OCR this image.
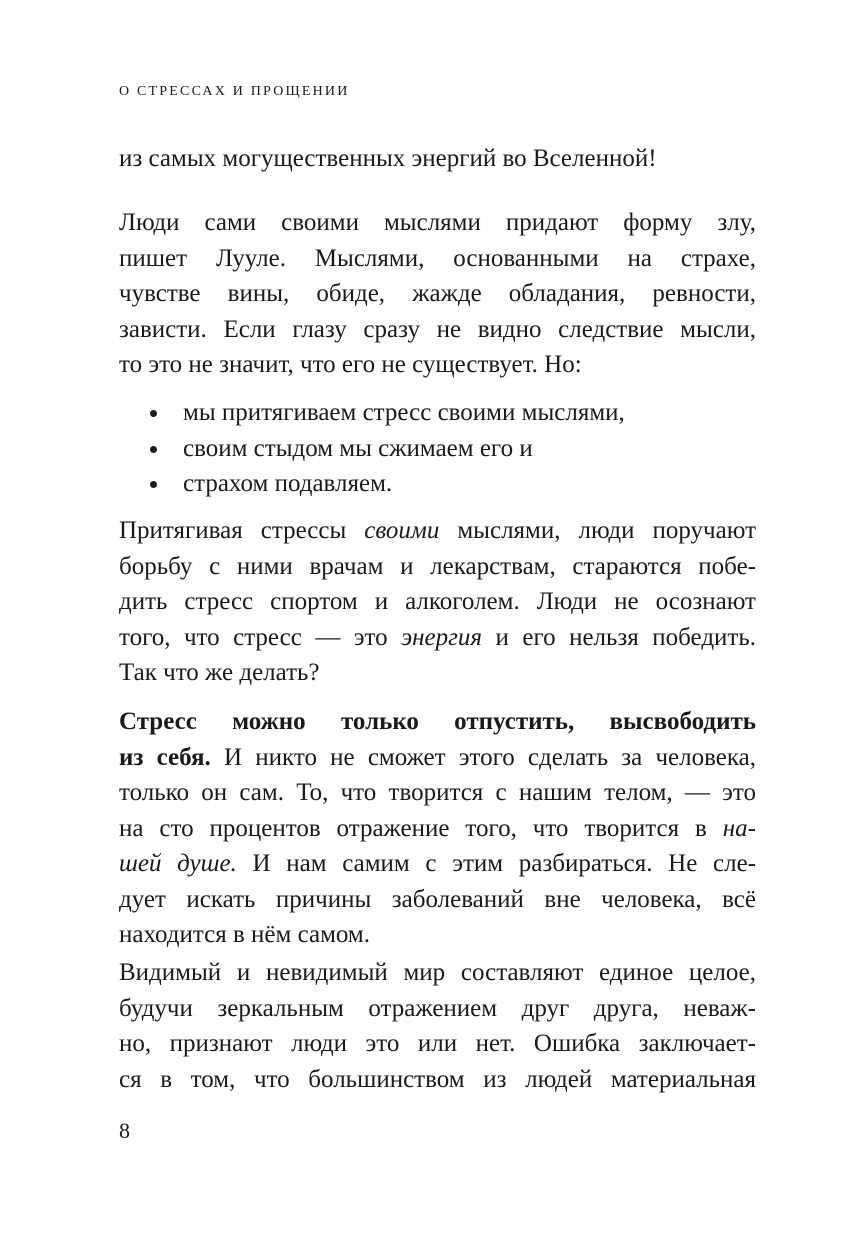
О СТРЕССАХ И ПРОЩЕНИИ
из самых могущественных энергий во Вселенной!
Люди сами своими мыслями придают форму злу,
пишет Лууле. Мыслями, основанными на страхе,
чувстве вины, обиде, жажде обладания, ревности,
зависти. Если глазу сразу не видно следствие мысли,
то это не значит, что его не существует. Но:
мы притягиваем стресс своими мыслями,
своим стыдом мы сжимаем его и
страхом подавляем.
Притягивая стрессы своими мыслями, люди поручают
борьбу с ними врачам и лекарствам, стараются побе-
дить стресс спортом и алкоголем. Люди не осознают
того, что стресс — это энергия и его нельзя победить.
Так что же делать?
Стресс можно только отпустить, высвободить
из себя. И никто не сможет этого сделать за человека,
только он сам. То, что творится с нашим телом, — это
на сто процентов отражение того, что творится в на-
шей душе. И нам самим с этим разбираться. Не сле-
дует искать причины заболеваний вне человека, всё
находится в нём самом.
Видимый и невидимый мир составляют единое целое,
будучи зеркальным отражением друг друга, неваж-
но, признают люди это или нет. Ошибка заключает-
ся в том, что большинством из людей материальная
8
